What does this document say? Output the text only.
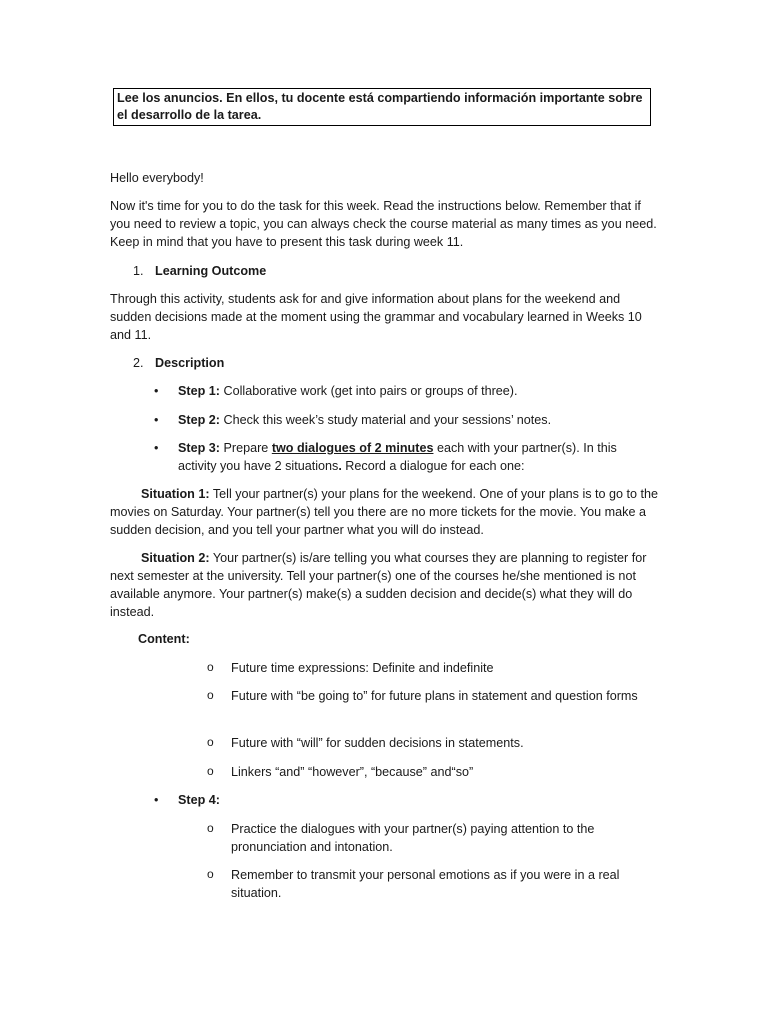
Lee los anuncios. En ellos, tu docente está compartiendo información importante sobre el desarrollo de la tarea.
Hello everybody!
Now it's time for you to do the task for this week. Read the instructions below. Remember that if you need to review a topic, you can always check the course material as many times as you need. Keep in mind that you have to present this task during week 11.
1. Learning Outcome
Through this activity, students ask for and give information about plans for the weekend and sudden decisions made at the moment using the grammar and vocabulary learned in Weeks 10 and 11.
2. Description
• Step 1: Collaborative work (get into pairs or groups of three).
• Step 2: Check this week’s study material and your sessions’ notes.
• Step 3: Prepare two dialogues of 2 minutes each with your partner(s). In this activity you have 2 situations. Record a dialogue for each one:
Situation 1: Tell your partner(s) your plans for the weekend. One of your plans is to go to the movies on Saturday. Your partner(s) tell you there are no more tickets for the movie. You make a sudden decision, and you tell your partner what you will do instead.
Situation 2: Your partner(s) is/are telling you what courses they are planning to register for next semester at the university. Tell your partner(s) one of the courses he/she mentioned is not available anymore. Your partner(s) make(s) a sudden decision and decide(s) what they will do instead.
Content:
o Future time expressions: Definite and indefinite
o Future with “be going to” for future plans in statement and question forms
o Future with “will” for sudden decisions in statements.
o Linkers “and” “however”, “because” and“so”
• Step 4:
o Practice the dialogues with your partner(s) paying attention to the pronunciation and intonation.
o Remember to transmit your personal emotions as if you were in a real situation.
